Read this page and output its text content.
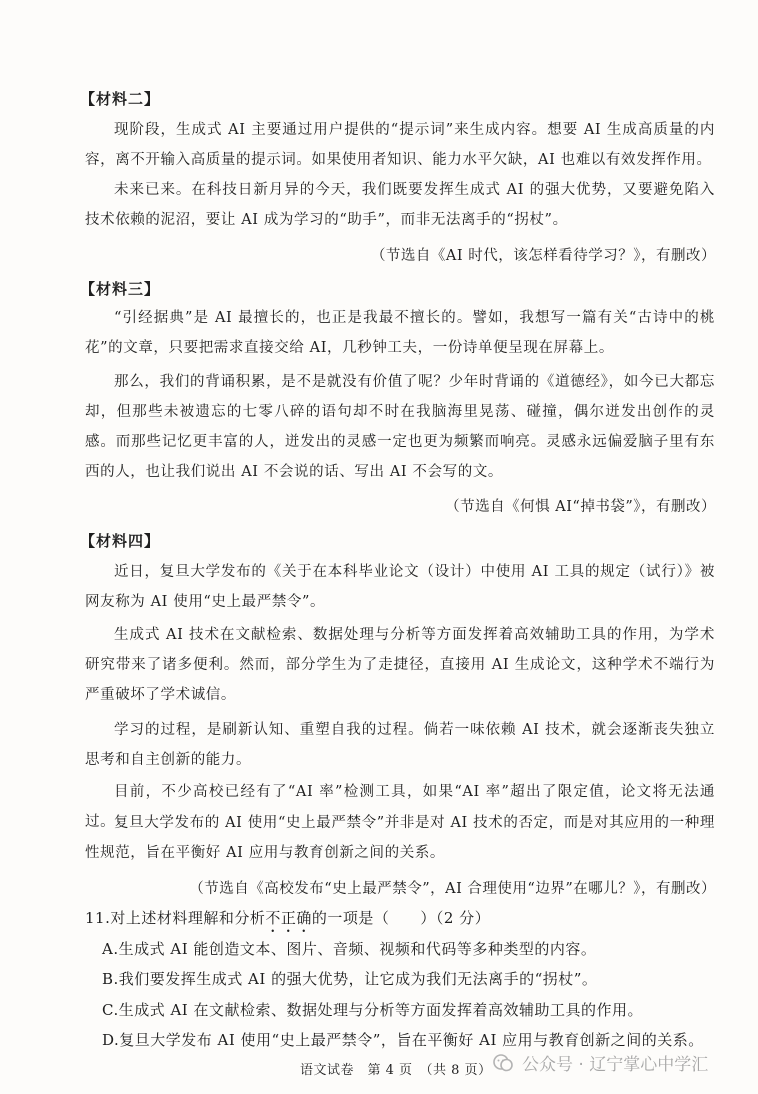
【材料二】
现阶段，生成式 AI 主要通过用户提供的“提示词”来生成内容。想要 AI 生成高质量的内容，离不开输入高质量的提示词。如果使用者知识、能力水平欠缺，AI 也难以有效发挥作用。
未来已来。在科技日新月异的今天，我们既要发挥生成式 AI 的强大优势，又要避免陷入技术依赖的泥沼，要让 AI 成为学习的“助手”，而非无法离手的“拐杖”。
（节选自《AI 时代，该怎样看待学习？》，有删改）
【材料三】
“引经据典”是 AI 最擅长的，也正是我最不擅长的。譬如，我想写一篇有关“古诗中的桃花”的文章，只要把需求直接交给 AI，几秒钟工夫，一份诗单便呈现在屏幕上。
那么，我们的背诵积累，是不是就没有价值了呢？少年时背诵的《道德经》，如今已大都忘却，但那些未被遗忘的七零八碎的语句却不时在我脑海里晃荡、碰撞，偶尔迸发出创作的灵感。而那些记忆更丰富的人，迸发出的灵感一定也更为频繁而响亮。灵感永远偏爱脑子里有东西的人，也让我们说出 AI 不会说的话、写出 AI 不会写的文。
（节选自《何惧 AI“掉书袋”》，有删改）
【材料四】
近日，复旦大学发布的《关于在本科毕业论文（设计）中使用 AI 工具的规定（试行）》被网友称为 AI 使用“史上最严禁令”。
生成式 AI 技术在文献检索、数据处理与分析等方面发挥着高效辅助工具的作用，为学术研究带来了诸多便利。然而，部分学生为了走捷径，直接用 AI 生成论文，这种学术不端行为严重破坏了学术诚信。
学习的过程，是刷新认知、重塑自我的过程。倘若一味依赖 AI 技术，就会逐渐丧失独立思考和自主创新的能力。
目前，不少高校已经有了“AI 率”检测工具，如果“AI 率”超出了限定值，论文将无法通过。
复旦大学发布的 AI 使用“史上最严禁令”并非是对 AI 技术的否定，而是对其应用的一种理性规范，旨在平衡好 AI 应用与教育创新之间的关系。
（节选自《高校发布“史上最严禁令”，AI 合理使用“边界”在哪儿？》，有删改）
11.对上述材料理解和分析不正确的一项是（　　）（2 分）
A.生成式 AI 能创造文本、图片、音频、视频和代码等多种类型的内容。
B.我们要发挥生成式 AI 的强大优势，让它成为我们无法离手的“拐杖”。
C.生成式 AI 在文献检索、数据处理与分析等方面发挥着高效辅助工具的作用。
D.复旦大学发布 AI 使用“史上最严禁令”，旨在平衡好 AI 应用与教育创新之间的关系。
语文试卷　第 4 页　（共 8 页） 公众号 · 辽宁掌心中学汇
